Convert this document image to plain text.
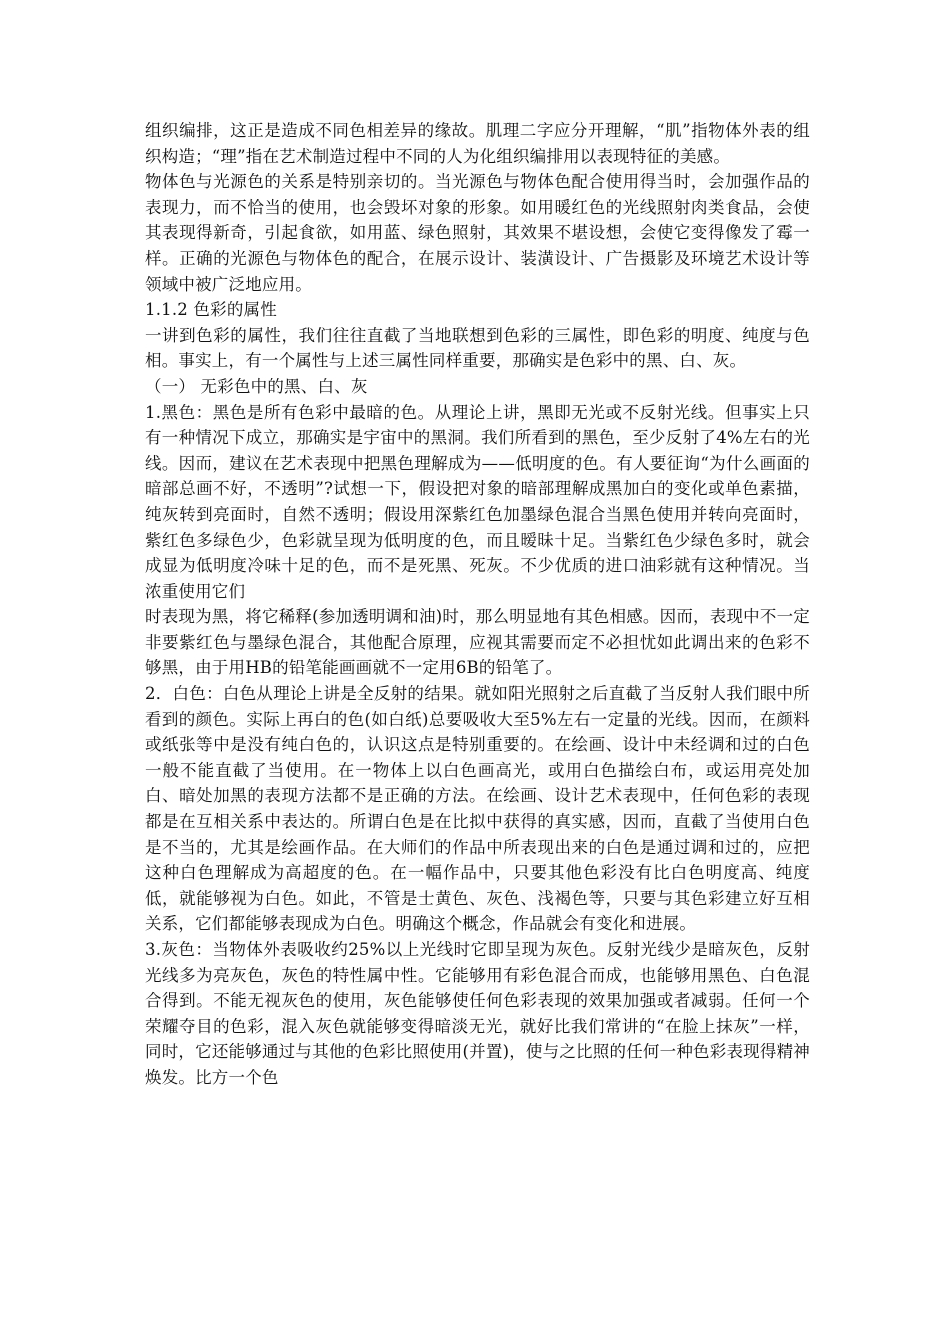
组织编排，这正是造成不同色相差异的缘故。肌理二字应分开理解，“肌”指物体外表的组织构造；“理”指在艺术制造过程中不同的人为化组织编排用以表现特征的美感。

物体色与光源色的关系是特别亲切的。当光源色与物体色配合使用得当时，会加强作品的表现力，而不恰当的使用，也会毁坏对象的形象。如用暖红色的光线照射肉类食品，会使其表现得新奇，引起食欲，如用蓝、绿色照射，其效果不堪设想，会使它变得像发了霉一样。正确的光源色与物体色的配合，在展示设计、装潢设计、广告摄影及环境艺术设计等领域中被广泛地应用。

1.1.2 色彩的属性

一讲到色彩的属性，我们往往直截了当地联想到色彩的三属性，即色彩的明度、纯度与色相。事实上，有一个属性与上述三属性同样重要，那确实是色彩中的黑、白、灰。

（一） 无彩色中的黑、白、灰

1.黑色：黑色是所有色彩中最暗的色。从理论上讲，黑即无光或不反射光线。但事实上只有一种情况下成立，那确实是宇宙中的黑洞。我们所看到的黑色，至少反射了4%左右的光线。因而，建议在艺术表现中把黑色理解成为——低明度的色。有人要征询“为什么画面的暗部总画不好，不透明”?试想一下，假设把对象的暗部理解成黑加白的变化或单色素描，纯灰转到亮面时，自然不透明；假设用深紫红色加墨绿色混合当黑色使用并转向亮面时，紫红色多绿色少，色彩就呈现为低明度的色，而且暧昧十足。当紫红色少绿色多时，就会成显为低明度冷味十足的色，而不是死黑、死灰。不少优质的进口油彩就有这种情况。当浓重使用它们

时表现为黑，将它稀释(参加透明调和油)时，那么明显地有其色相感。因而，表现中不一定非要紫红色与墨绿色混合，其他配合原理，应视其需要而定不必担忧如此调出来的色彩不够黑，由于用HB的铅笔能画画就不一定用6B的铅笔了。

2．白色：白色从理论上讲是全反射的结果。就如阳光照射之后直截了当反射人我们眼中所看到的颜色。实际上再白的色(如白纸)总要吸收大至5%左右一定量的光线。因而，在颜料或纸张等中是没有纯白色的，认识这点是特别重要的。在绘画、设计中未经调和过的白色一般不能直截了当使用。在一物体上以白色画高光，或用白色描绘白布，或运用亮处加白、暗处加黑的表现方法都不是正确的方法。在绘画、设计艺术表现中，任何色彩的表现都是在互相关系中表达的。所谓白色是在比拟中获得的真实感，因而，直截了当使用白色是不当的，尤其是绘画作品。在大师们的作品中所表现出来的白色是通过调和过的，应把这种白色理解成为高超度的色。在一幅作品中，只要其他色彩没有比白色明度高、纯度低，就能够视为白色。如此，不管是士黄色、灰色、浅褐色等，只要与其色彩建立好互相关系，它们都能够表现成为白色。明确这个概念，作品就会有变化和进展。

3.灰色：当物体外表吸收约25%以上光线时它即呈现为灰色。反射光线少是暗灰色，反射光线多为亮灰色，灰色的特性属中性。它能够用有彩色混合而成，也能够用黑色、白色混合得到。不能无视灰色的使用，灰色能够使任何色彩表现的效果加强或者减弱。任何一个荣耀夺目的色彩，混入灰色就能够变得暗淡无光，就好比我们常讲的“在脸上抹灰”一样，同时，它还能够通过与其他的色彩比照使用(并置)，使与之比照的任何一种色彩表现得精神焕发。比方一个色
